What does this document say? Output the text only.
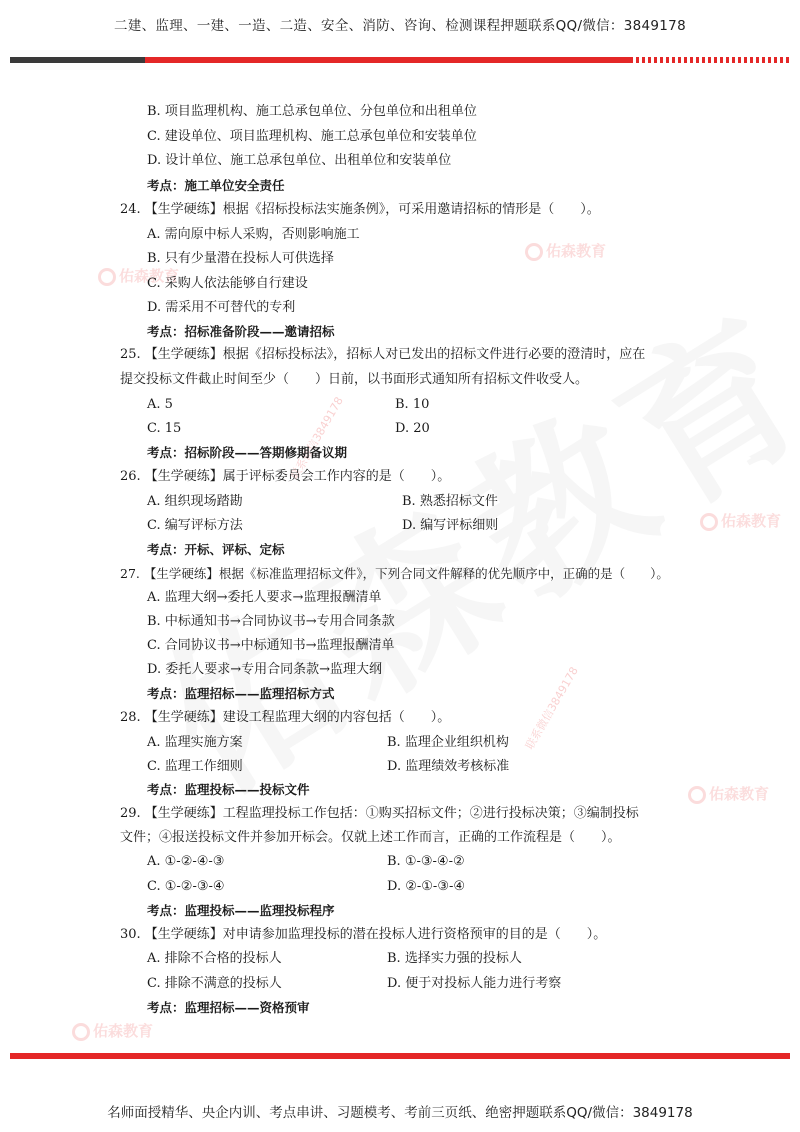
佑森教育
佑森教育
佑森教育
佑森教育
佑森教育
联系微信3849178
联系微信3849178
二建、监理、一建、一造、二造、安全、消防、咨询、检测课程押题联系QQ/微信：3849178
B. 项目监理机构、施工总承包单位、分包单位和出租单位
C. 建设单位、项目监理机构、施工总承包单位和安装单位
D. 设计单位、施工总承包单位、出租单位和安装单位
考点：施工单位安全责任
24. 【生学硬练】根据《招标投标法实施条例》，可采用邀请招标的情形是（　　）。
A. 需向原中标人采购，否则影响施工
B. 只有少量潜在投标人可供选择
C. 采购人依法能够自行建设
D. 需采用不可替代的专利
考点：招标准备阶段——邀请招标
25. 【生学硬练】根据《招标投标法》，招标人对已发出的招标文件进行必要的澄清时，应在
提交投标文件截止时间至少（　　）日前，以书面形式通知所有招标文件收受人。
A. 5	B. 10
C. 15	D. 20
考点：招标阶段——答期修期备议期
26. 【生学硬练】属于评标委员会工作内容的是（　　）。
A. 组织现场踏勘	B. 熟悉招标文件
C. 编写评标方法	D. 编写评标细则
考点：开标、评标、定标
27. 【生学硬练】根据《标准监理招标文件》，下列合同文件解释的优先顺序中，正确的是（　　）。
A. 监理大纲→委托人要求→监理报酬清单
B. 中标通知书→合同协议书→专用合同条款
C. 合同协议书→中标通知书→监理报酬清单
D. 委托人要求→专用合同条款→监理大纲
考点：监理招标——监理招标方式
28. 【生学硬练】建设工程监理大纲的内容包括（　　）。
A. 监理实施方案	B. 监理企业组织机构
C. 监理工作细则	D. 监理绩效考核标准
考点：监理投标——投标文件
29. 【生学硬练】工程监理投标工作包括：①购买招标文件；②进行投标决策；③编制投标
文件；④报送投标文件并参加开标会。仅就上述工作而言，正确的工作流程是（　　）。
A. ①-②-④-③	B. ①-③-④-②
C. ①-②-③-④	D. ②-①-③-④
考点：监理投标——监理投标程序
30. 【生学硬练】对申请参加监理投标的潜在投标人进行资格预审的目的是（　　）。
A. 排除不合格的投标人	B. 选择实力强的投标人
C. 排除不满意的投标人	D. 便于对投标人能力进行考察
考点：监理招标——资格预审
名师面授精华、央企内训、考点串讲、习题模考、考前三页纸、绝密押题联系QQ/微信：3849178
